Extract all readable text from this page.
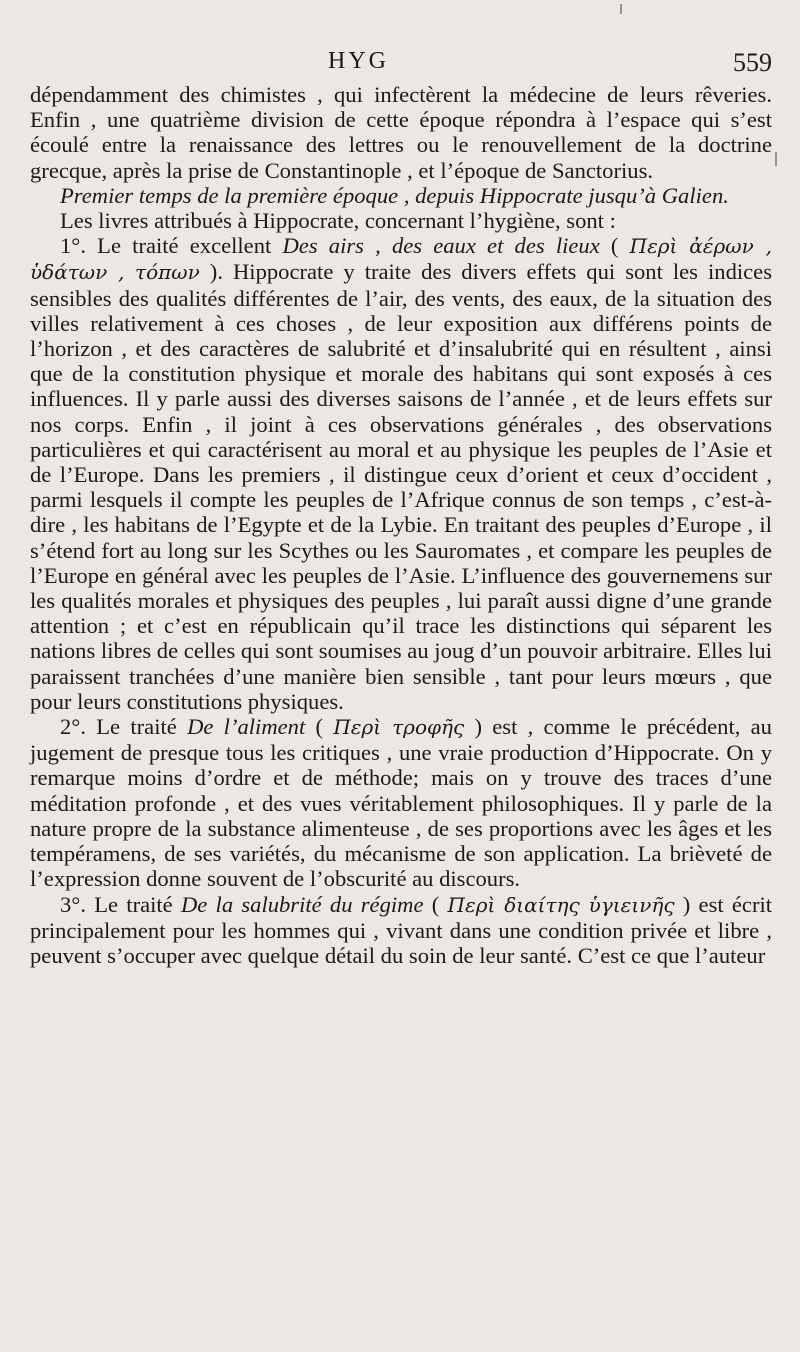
HYG	559

dépendamment des chimistes , qui infectèrent la médecine de leurs rêveries. Enfin , une quatrième division de cette époque répondra à l’espace qui s’est écoulé entre la renaissance des lettres ou le renouvellement de la doctrine grecque, après la prise de Constantinople , et l’époque de Sanctorius.

Premier temps de la première époque , depuis Hippocrate jusqu’à Galien.

Les livres attribués à Hippocrate, concernant l’hygiène, sont :

1°. Le traité excellent Des airs , des eaux et des lieux ( Περὶ ἀέρων , ὑδάτων , τόπων ). Hippocrate y traite des divers effets qui sont les indices sensibles des qualités différentes de l’air, des vents, des eaux, de la situation des villes relativement à ces choses , de leur exposition aux différens points de l’horizon , et des caractères de salubrité et d’insalubrité qui en résultent , ainsi que de la constitution physique et morale des habitans qui sont exposés à ces influences. Il y parle aussi des diverses saisons de l’année , et de leurs effets sur nos corps. Enfin , il joint à ces observations générales , des observations particulières et qui caractérisent au moral et au physique les peuples de l’Asie et de l’Europe. Dans les premiers , il distingue ceux d’orient et ceux d’occident , parmi lesquels il compte les peuples de l’Afrique connus de son temps , c’est-à-dire , les habitans de l’Egypte et de la Lybie. En traitant des peuples d’Europe , il s’étend fort au long sur les Scythes ou les Sauromates , et compare les peuples de l’Europe en général avec les peuples de l’Asie. L’influence des gouvernemens sur les qualités morales et physiques des peuples , lui paraît aussi digne d’une grande attention ; et c’est en républicain qu’il trace les distinctions qui séparent les nations libres de celles qui sont soumises au joug d’un pouvoir arbitraire. Elles lui paraissent tranchées d’une manière bien sensible , tant pour leurs mœurs , que pour leurs constitutions physiques.

2°. Le traité De l’aliment ( Περὶ τροφῆς ) est , comme le précédent, au jugement de presque tous les critiques , une vraie production d’Hippocrate. On y remarque moins d’ordre et de méthode; mais on y trouve des traces d’une méditation profonde , et des vues véritablement philosophiques. Il y parle de la nature propre de la substance alimenteuse , de ses proportions avec les âges et les tempéramens, de ses variétés, du mécanisme de son application. La brièveté de l’expression donne souvent de l’obscurité au discours.

3°. Le traité De la salubrité du régime ( Περὶ διαίτης ὑγιεινῆς ) est écrit principalement pour les hommes qui , vivant dans une condition privée et libre , peuvent s’occuper avec quelque détail du soin de leur santé. C’est ce que l’auteur
